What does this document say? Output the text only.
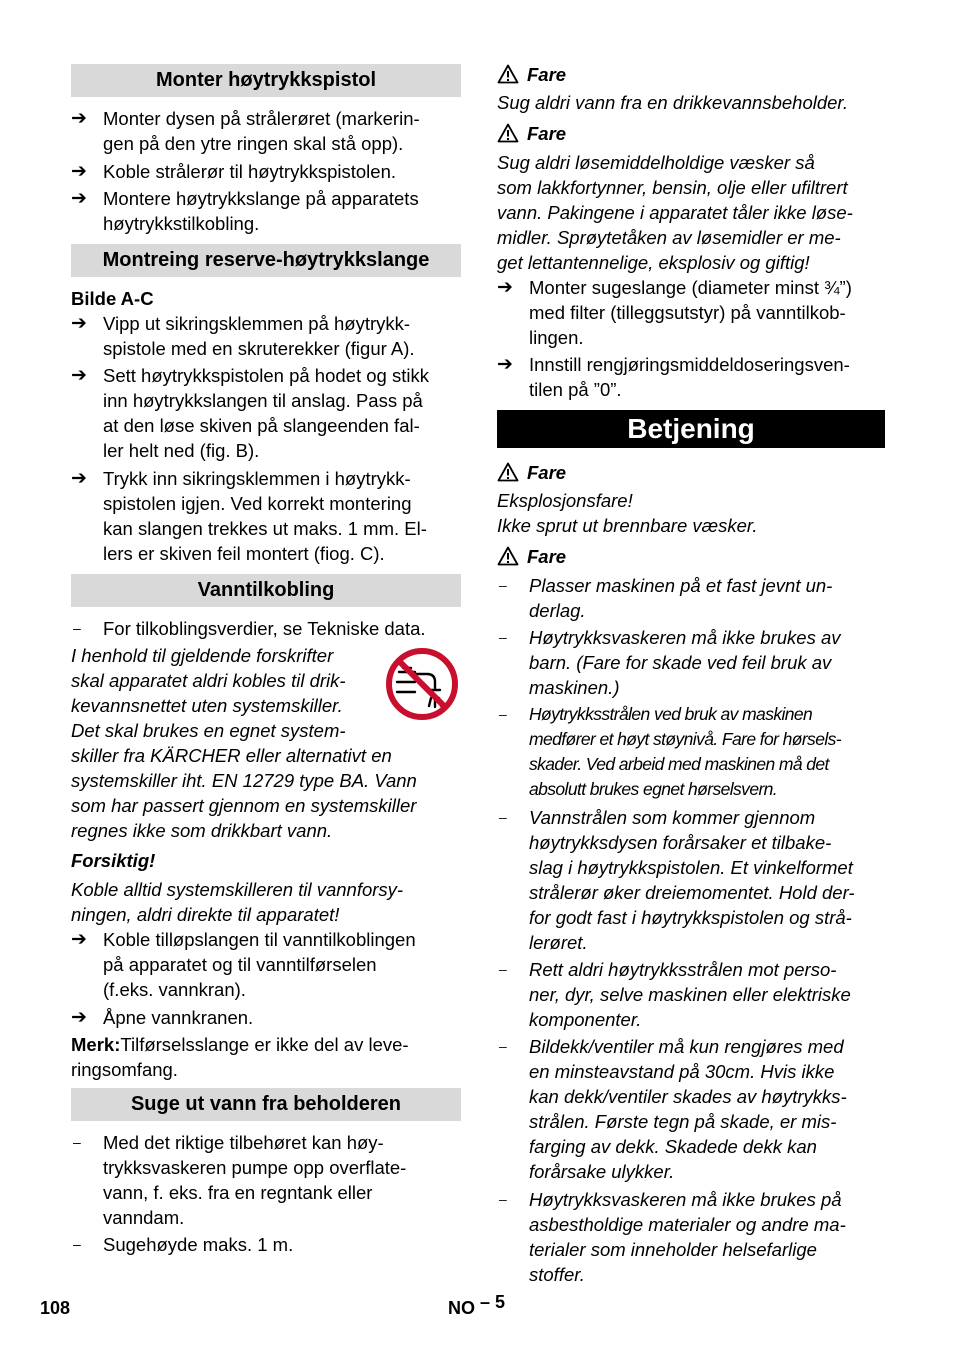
Monter høytrykkspistol
➔ Monter dysen på strålerøret (markerin-
gen på den ytre ringen skal stå opp).
➔ Koble strålerør til høytrykkspistolen.
➔ Montere høytrykkslange på apparatets
høytrykkstilkobling.
Montreing reserve-høytrykkslange
Bilde A-C
➔ Vipp ut sikringsklemmen på høytrykk-
spistole med en skruterekker (figur A).
➔ Sett høytrykkspistolen på hodet og stikk
inn høytrykkslangen til anslag. Pass på
at den løse skiven på slangeenden fal-
ler helt ned (fig. B).
➔ Trykk inn sikringsklemmen i høytrykk-
spistolen igjen. Ved korrekt montering
kan slangen trekkes ut maks. 1 mm. El-
lers er skiven feil montert (fiog. C).
Vanntilkobling
–	For tilkoblingsverdier, se Tekniske data.
I henhold til gjeldende forskrifter
skal apparatet aldri kobles til drik-
kevannsnettet uten systemskiller.
Det skal brukes en egnet system-
skiller fra KÄRCHER eller alternativt en
systemskiller iht. EN 12729 type BA. Vann
som har passert gjennom en systemskiller
regnes ikke som drikkbart vann.
Forsiktig!
Koble alltid systemskilleren til vannforsy-
ningen, aldri direkte til apparatet!
➔ Koble tilløpslangen til vanntilkoblingen
på apparatet og til vanntilførselen
(f.eks. vannkran).
➔ Åpne vannkranen.
Merk:Tilførselsslange er ikke del av leve-
ringsomfang.
Suge ut vann fra beholderen
–	Med det riktige tilbehøret kan høy-
trykksvaskeren pumpe opp overflate-
vann, f. eks. fra en regntank eller
vanndam.
–	Sugehøyde maks. 1 m.
Fare
Sug aldri vann fra en drikkevannsbeholder.
Fare
Sug aldri løsemiddelholdige væsker så
som lakkfortynner, bensin, olje eller ufiltrert
vann. Pakingene i apparatet tåler ikke løse-
midler. Sprøytetåken av løsemidler er me-
get lettantennelige, eksplosiv og giftig!
➔ Monter sugeslange (diameter minst ¾”)
med filter (tilleggsutstyr) på vanntilkob-
lingen.
➔ Innstill rengjøringsmiddeldoseringsven-
tilen på ”0”.
Betjening
Fare
Eksplosjonsfare!
Ikke sprut ut brennbare væsker.
Fare
–	Plasser maskinen på et fast jevnt un-
derlag.
–	Høytrykksvaskeren må ikke brukes av
barn. (Fare for skade ved feil bruk av
maskinen.)
–	Høytrykksstrålen ved bruk av maskinen
medfører et høyt støynivå. Fare for hørsels-
skader. Ved arbeid med maskinen må det
absolutt brukes egnet hørselsvern.
–	Vannstrålen som kommer gjennom
høytrykksdysen forårsaker et tilbake-
slag i høytrykkspistolen. Et vinkelformet
strålerør øker dreiemomentet. Hold der-
for godt fast i høytrykkspistolen og strå-
lerøret.
–	Rett aldri høytrykksstrålen mot perso-
ner, dyr, selve maskinen eller elektriske
komponenter.
–	Bildekk/ventiler må kun rengjøres med
en minsteavstand på 30cm. Hvis ikke
kan dekk/ventiler skades av høytrykks-
strålen. Første tegn på skade, er mis-
farging av dekk. Skadede dekk kan
forårsake ulykker.
–	Høytrykksvaskeren må ikke brukes på
asbestholdige materialer og andre ma-
terialer som inneholder helsefarlige
stoffer.
108	NO – 5
